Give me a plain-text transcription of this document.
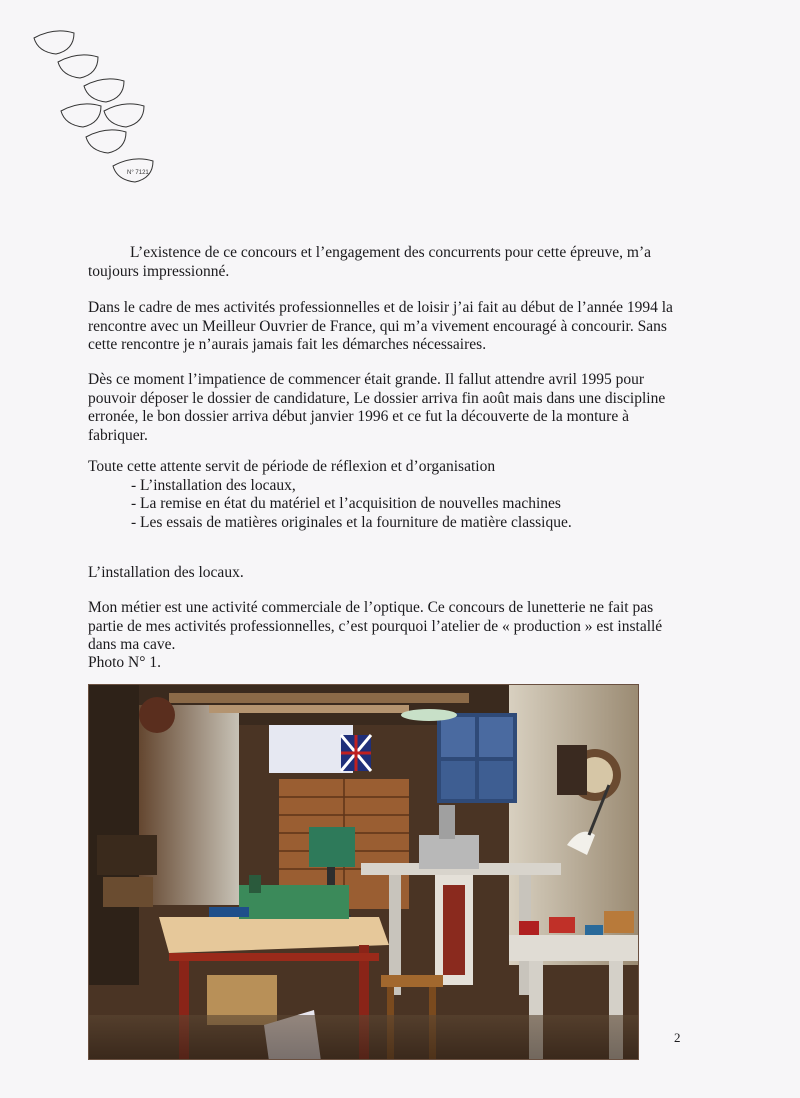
N° 7121
L’existence de ce concours et l’engagement des concurrents pour cette épreuve, m’a toujours impressionné.
Dans le cadre de mes activités professionnelles et de loisir j’ai fait au début de l’année 1994 la rencontre avec un Meilleur Ouvrier de France, qui m’a vivement encouragé à concourir. Sans cette rencontre je n’aurais jamais fait les démarches nécessaires.
Dès ce moment l’impatience de commencer était grande. Il fallut attendre avril 1995 pour pouvoir déposer le dossier de candidature, Le dossier arriva fin août mais dans une discipline erronée, le bon dossier arriva début janvier 1996 et ce fut la découverte de la monture à fabriquer.
Toute cette attente servit de période de réflexion et d’organisation
- L’installation des locaux,
- La remise en état du matériel et l’acquisition de nouvelles machines
- Les essais de matières originales et la fourniture de matière classique.
L’installation des locaux.
Mon métier est une activité commerciale de l’optique. Ce concours de lunetterie ne fait pas partie de mes activités professionnelles, c’est pourquoi l’atelier de « production » est installé dans ma cave.
Photo N° 1.
2
